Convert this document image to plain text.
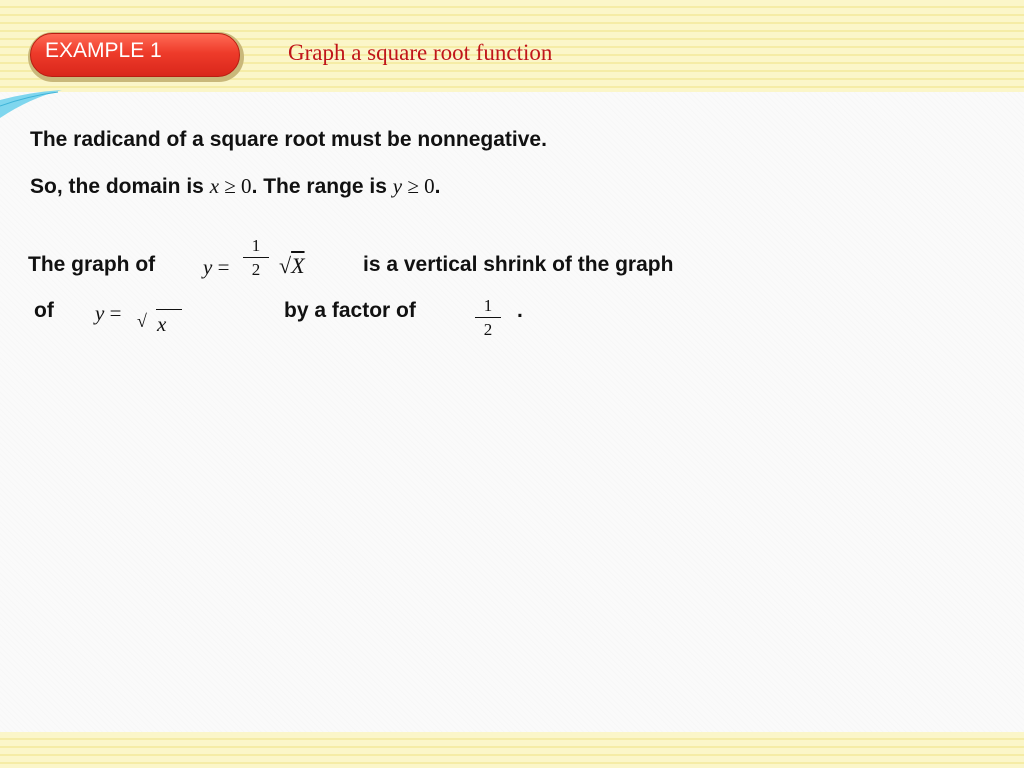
EXAMPLE 1	Graph a square root function
The radicand of a square root must be nonnegative.
So, the domain is x ≥ 0. The range is y ≥ 0.
The graph of y =
1
2 √X	is a vertical shrink of the graph
of y = √ x
by a factor of	1
2
.
